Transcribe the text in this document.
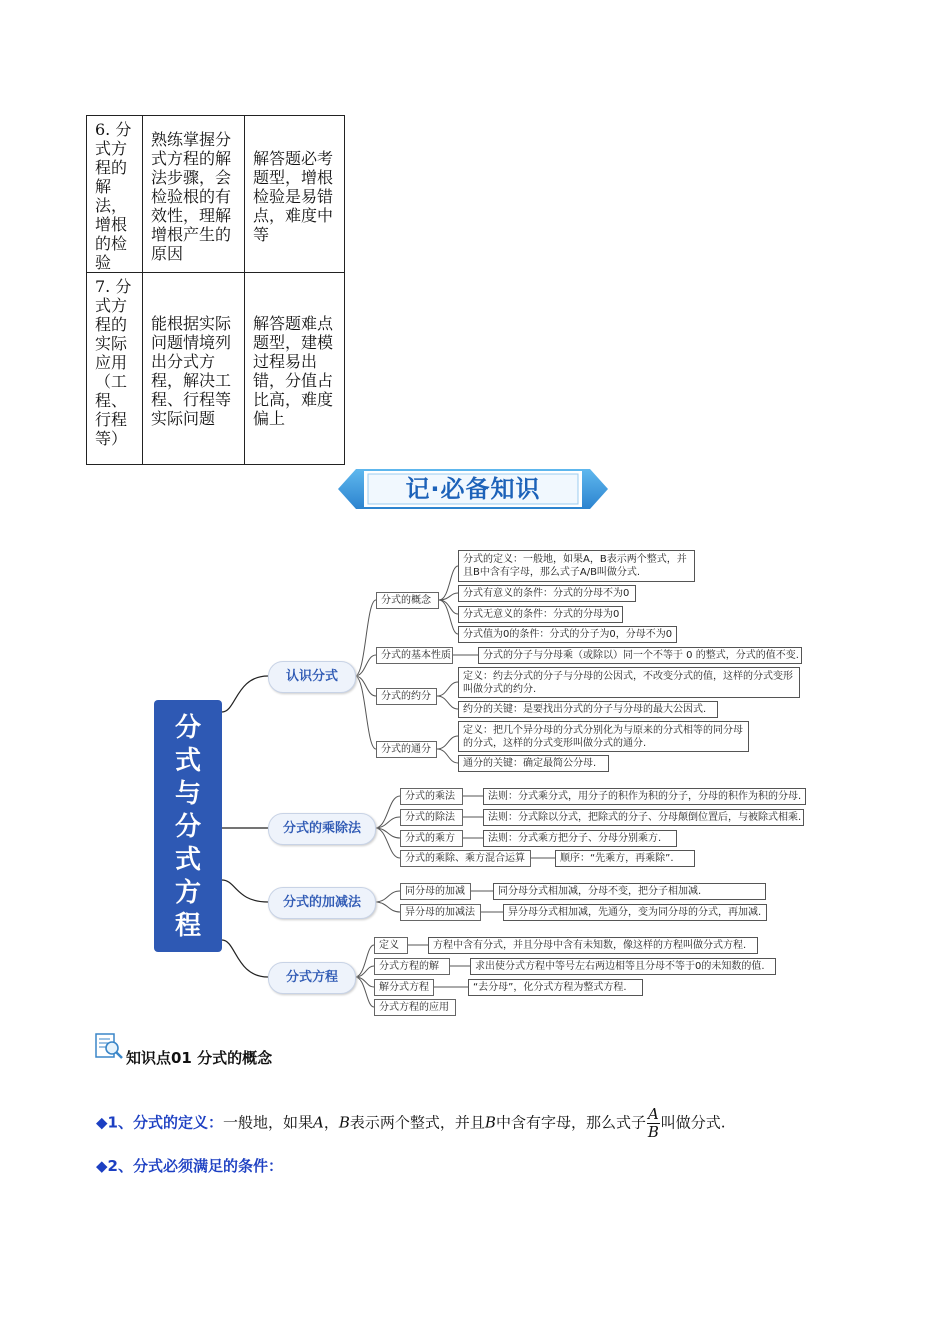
6. 分式方程的解法，增根的检验	熟练掌握分式方程的解法步骤，会检验根的有效性，理解增根产生的原因	解答题必考题型，增根检验是易错点，难度中等
7. 分式方程的实际应用（工程、行程等）	能根据实际问题情境列出分式方程，解决工程、行程等实际问题	解答题难点题型，建模过程易出错，分值占比高，难度偏上
记·必备知识
分
式
与
分
式
方
程
认识分式
分式的乘除法
分式的加减法
分式方程
分式的概念
分式的基本性质
分式的约分
分式的通分
分式的乘法
分式的除法
分式的乘方
分式的乘除、乘方混合运算
同分母的加减
异分母的加减法
定义
分式方程的解
解分式方程
分式方程的应用
分式的定义：一般地，如果A，B表示两个整式，并且B中含有字母，那么式子A/B叫做分式.
分式有意义的条件：分式的分母不为0
分式无意义的条件：分式的分母为0
分式值为0的条件：分式的分子为0，分母不为0
分式的分子与分母乘（或除以）同一个不等于 0 的整式，分式的值不变.
定义：约去分式的分子与分母的公因式，不改变分式的值，这样的分式变形叫做分式的约分.
约分的关键：是要找出分式的分子与分母的最大公因式.
定义：把几个异分母的分式分别化为与原来的分式相等的同分母的分式，这样的分式变形叫做分式的通分.
通分的关键：确定最简公分母.
法则：分式乘分式，用分子的积作为积的分子，分母的积作为积的分母.
法则：分式除以分式，把除式的分子、分母颠倒位置后，与被除式相乘.
法则：分式乘方把分子、分母分别乘方.
顺序：“先乘方，再乘除”.
同分母分式相加减，分母不变，把分子相加减.
异分母分式相加减，先通分，变为同分母的分式，再加减.
方程中含有分式，并且分母中含有未知数，像这样的方程叫做分式方程.
求出使分式方程中等号左右两边相等且分母不等于0的未知数的值.
“去分母”，化分式方程为整式方程.
知识点01 分式的概念
◆1、分式的定义：一般地，如果A，B表示两个整式，并且B中含有字母，那么式子 $\frac{A}{B}$ 叫做分式.
◆2、分式必须满足的条件：
